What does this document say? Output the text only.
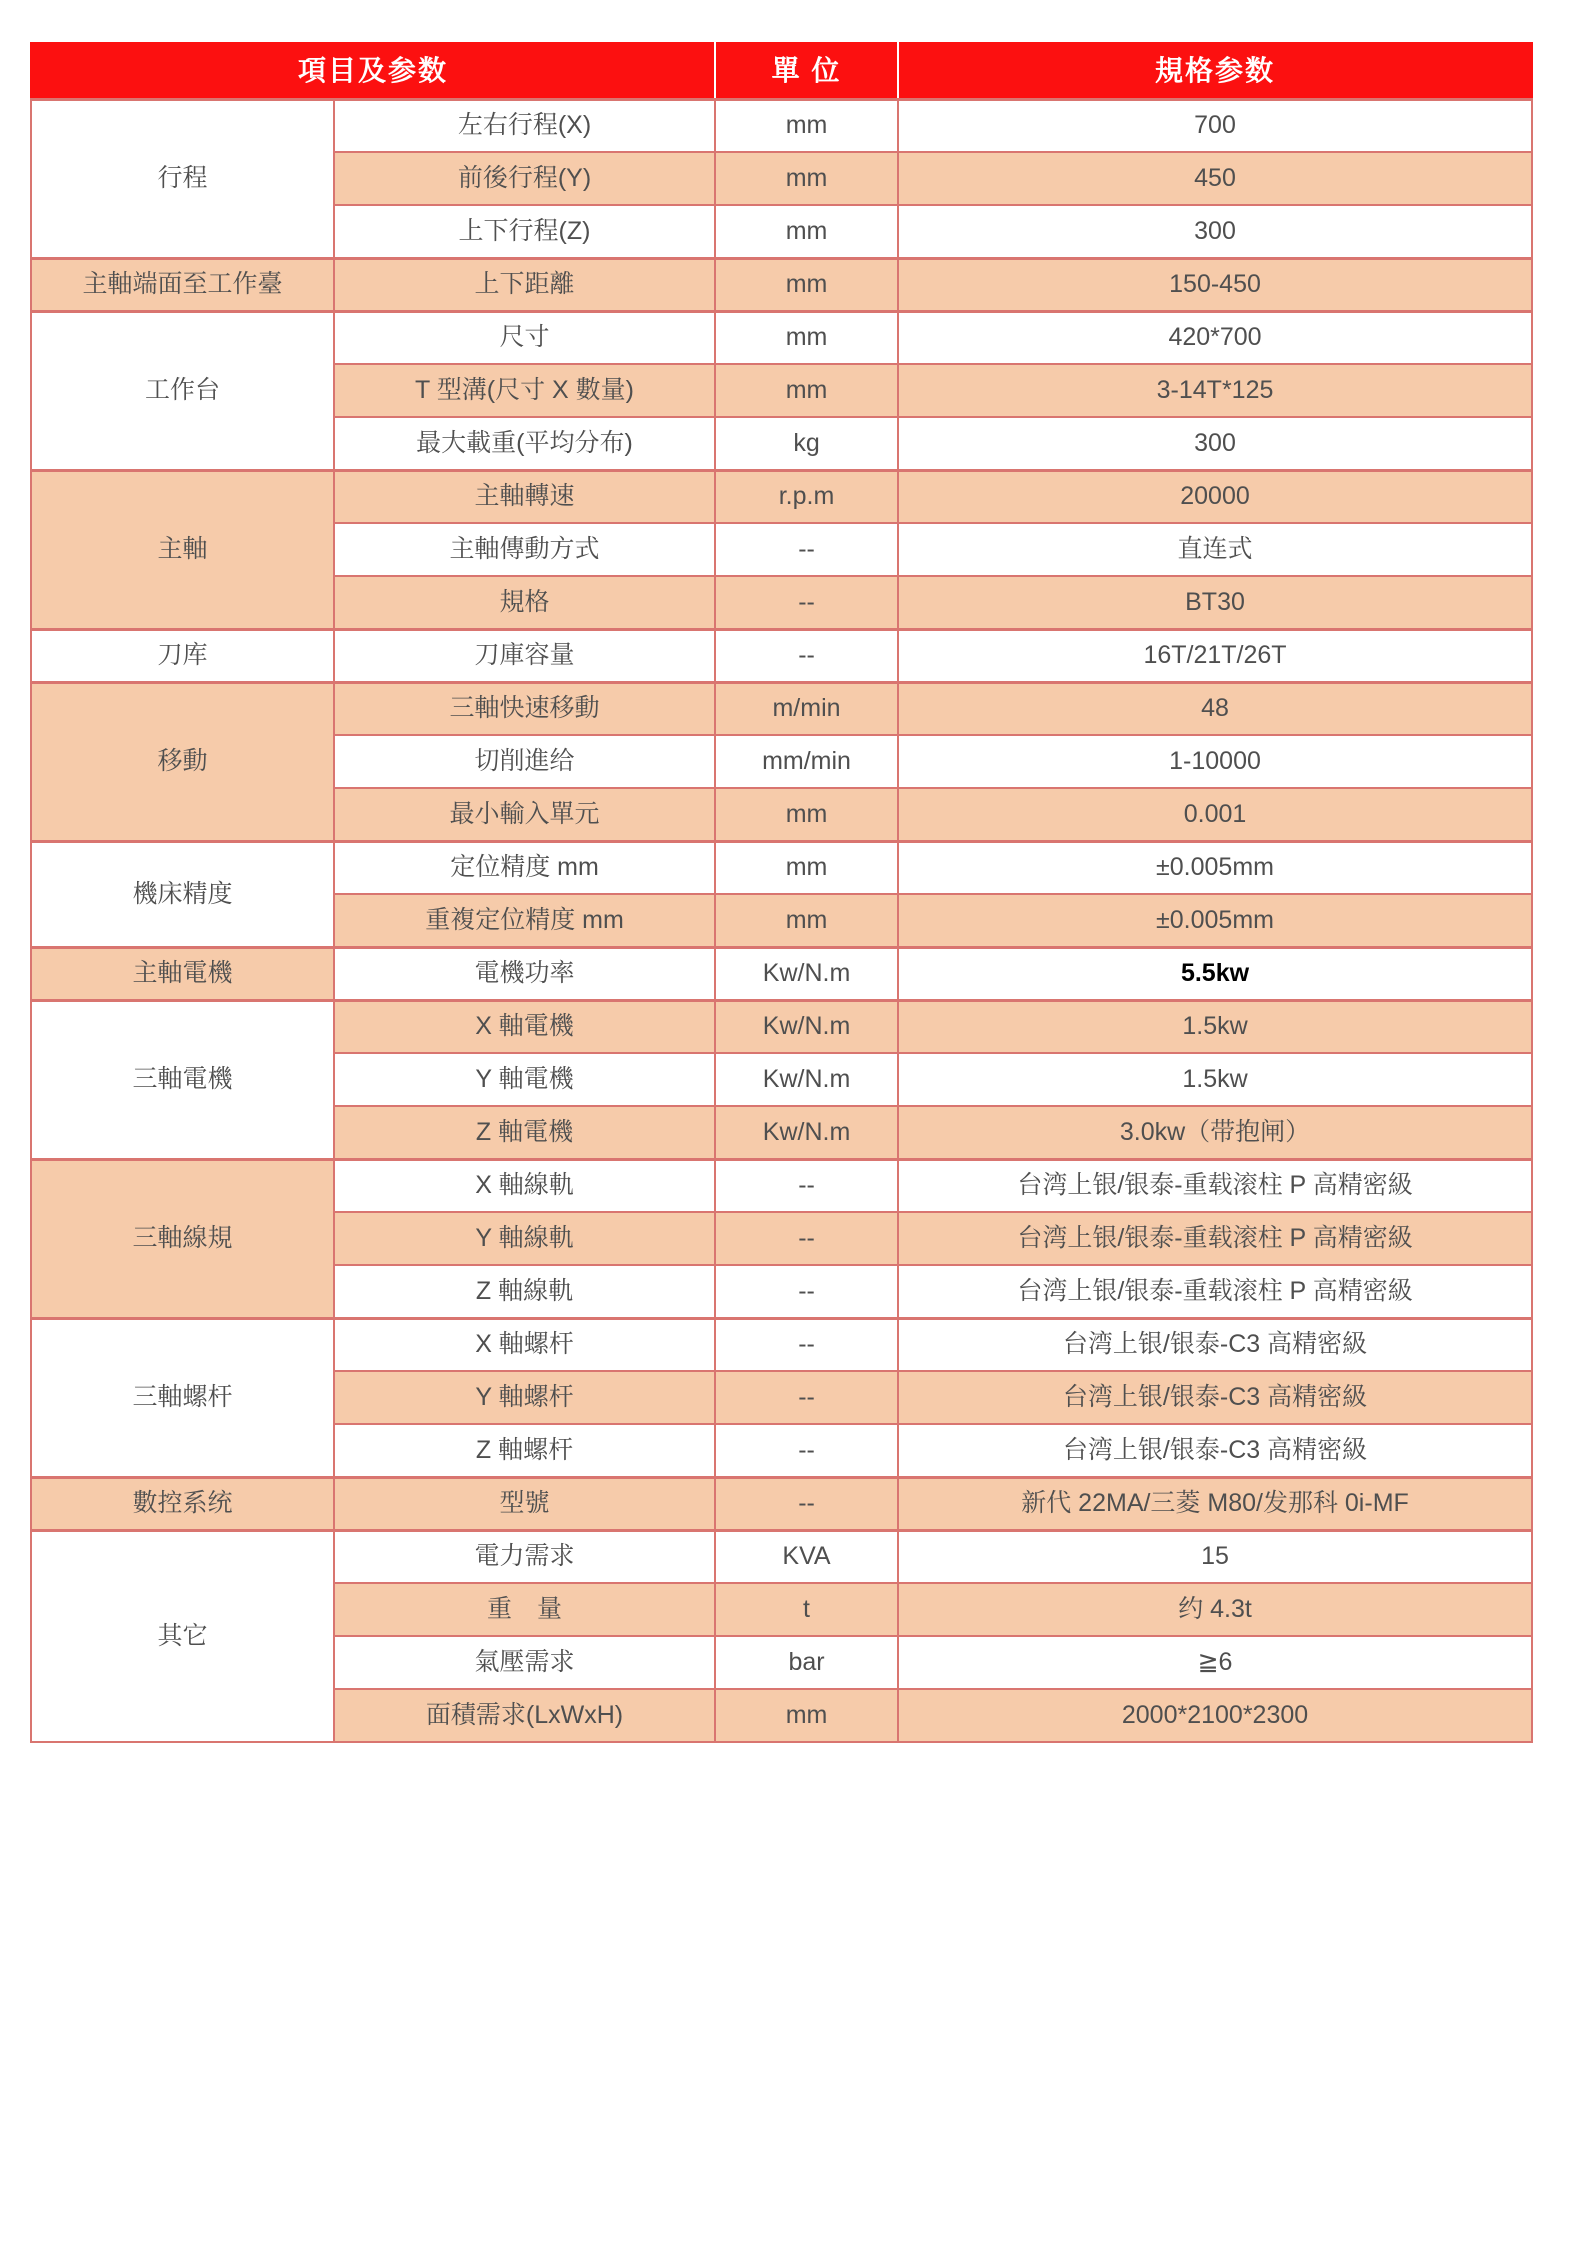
項目及参数		單 位	規格参数
行程	左右行程(X)	mm	700
	前後行程(Y)	mm	450
	上下行程(Z)	mm	300
主軸端面至工作臺	上下距離	mm	150-450
工作台	尺寸	mm	420*700
	T 型溝(尺寸 X 數量)	mm	3-14T*125
	最大載重(平均分布)	kg	300
主軸	主軸轉速	r.p.m	20000
	主軸傳動方式	--	直连式
	規格	--	BT30
刀库	刀庫容量	--	16T/21T/26T
移動	三軸快速移動	m/min	48
	切削進给	mm/min	1-10000
	最小輸入單元	mm	0.001
機床精度	定位精度 mm	mm	±0.005mm
	重複定位精度 mm	mm	±0.005mm
主軸電機	電機功率	Kw/N.m	5.5kw
三軸電機	X 軸電機	Kw/N.m	1.5kw
	Y 軸電機	Kw/N.m	1.5kw
	Z 軸電機	Kw/N.m	3.0kw（带抱闸）
三軸線規	X 軸線軌	--	台湾上银/银泰-重载滚柱 P 高精密級
	Y 軸線軌	--	台湾上银/银泰-重载滚柱 P 高精密級
	Z 軸線軌	--	台湾上银/银泰-重载滚柱 P 高精密級
三軸螺杆	X 軸螺杆	--	台湾上银/银泰-C3 高精密級
	Y 軸螺杆	--	台湾上银/银泰-C3 高精密級
	Z 軸螺杆	--	台湾上银/银泰-C3 高精密級
數控系统	型號	--	新代 22MA/三菱 M80/发那科 0i-MF
其它	電力需求	KVA	15
	重　量	t	约 4.3t
	氣壓需求	bar	≧6
	面積需求(LxWxH)	mm	2000*2100*2300
